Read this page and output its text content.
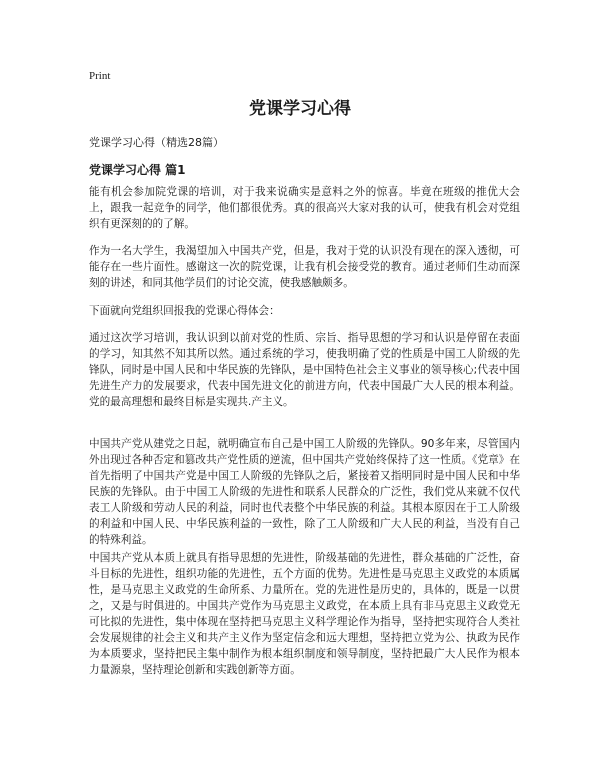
Print
党课学习心得

党课学习心得（精选28篇）

党课学习心得 篇1

能有机会参加院党课的培训，对于我来说确实是意料之外的惊喜。毕竟在班级的推优大会上，跟我一起竞争的同学，他们都很优秀。真的很高兴大家对我的认可，使我有机会对党组织有更深刻的的了解。

作为一名大学生，我渴望加入中国共产党，但是，我对于党的认识没有现在的深入透彻，可能存在一些片面性。感谢这一次的院党课，让我有机会接受党的教育。通过老师们生动而深刻的讲述，和同其他学员们的讨论交流，使我感触颇多。

下面就向党组织回报我的党课心得体会：

通过这次学习培训，我认识到以前对党的性质、宗旨、指导思想的学习和认识是停留在表面的学习，知其然不知其所以然。通过系统的学习，使我明确了党的性质是中国工人阶级的先锋队，同时是中国人民和中华民族的先锋队，是中国特色社会主义事业的领导核心;代表中国先进生产力的发展要求，代表中国先进文化的前进方向，代表中国最广大人民的根本利益。党的最高理想和最终目标是实现共.产主义。

中国共产党从建党之日起，就明确宣布自己是中国工人阶级的先锋队。90多年来，尽管国内外出现过各种否定和篡改共产党性质的逆流，但中国共产党始终保持了这一性质。《党章》在首先指明了中国共产党是中国工人阶级的先锋队之后，紧接着又指明同时是中国人民和中华民族的先锋队。由于中国工人阶级的先进性和联系人民群众的广泛性，我们党从来就不仅代表工人阶级和劳动人民的利益，同时也代表整个中华民族的利益。其根本原因在于工人阶级的利益和中国人民、中华民族利益的一致性，除了工人阶级和广大人民的利益，当没有自己的特殊利益。

中国共产党从本质上就具有指导思想的先进性，阶级基础的先进性，群众基础的广泛性，奋斗目标的先进性，组织功能的先进性，五个方面的优势。先进性是马克思主义政党的本质属性，是马克思主义政党的生命所系、力量所在。党的先进性是历史的，具体的，既是一以贯之，又是与时俱进的。中国共产党作为马克思主义政党，在本质上具有非马克思主义政党无可比拟的先进性，集中体现在坚持把马克思主义科学理论作为指导，坚持把实现符合人类社会发展规律的社会主义和共产主义作为坚定信念和远大理想，坚持把立党为公、执政为民作为本质要求，坚持把民主集中制作为根本组织制度和领导制度，坚持把最广大人民作为根本力量源泉，坚持理论创新和实践创新等方面。
